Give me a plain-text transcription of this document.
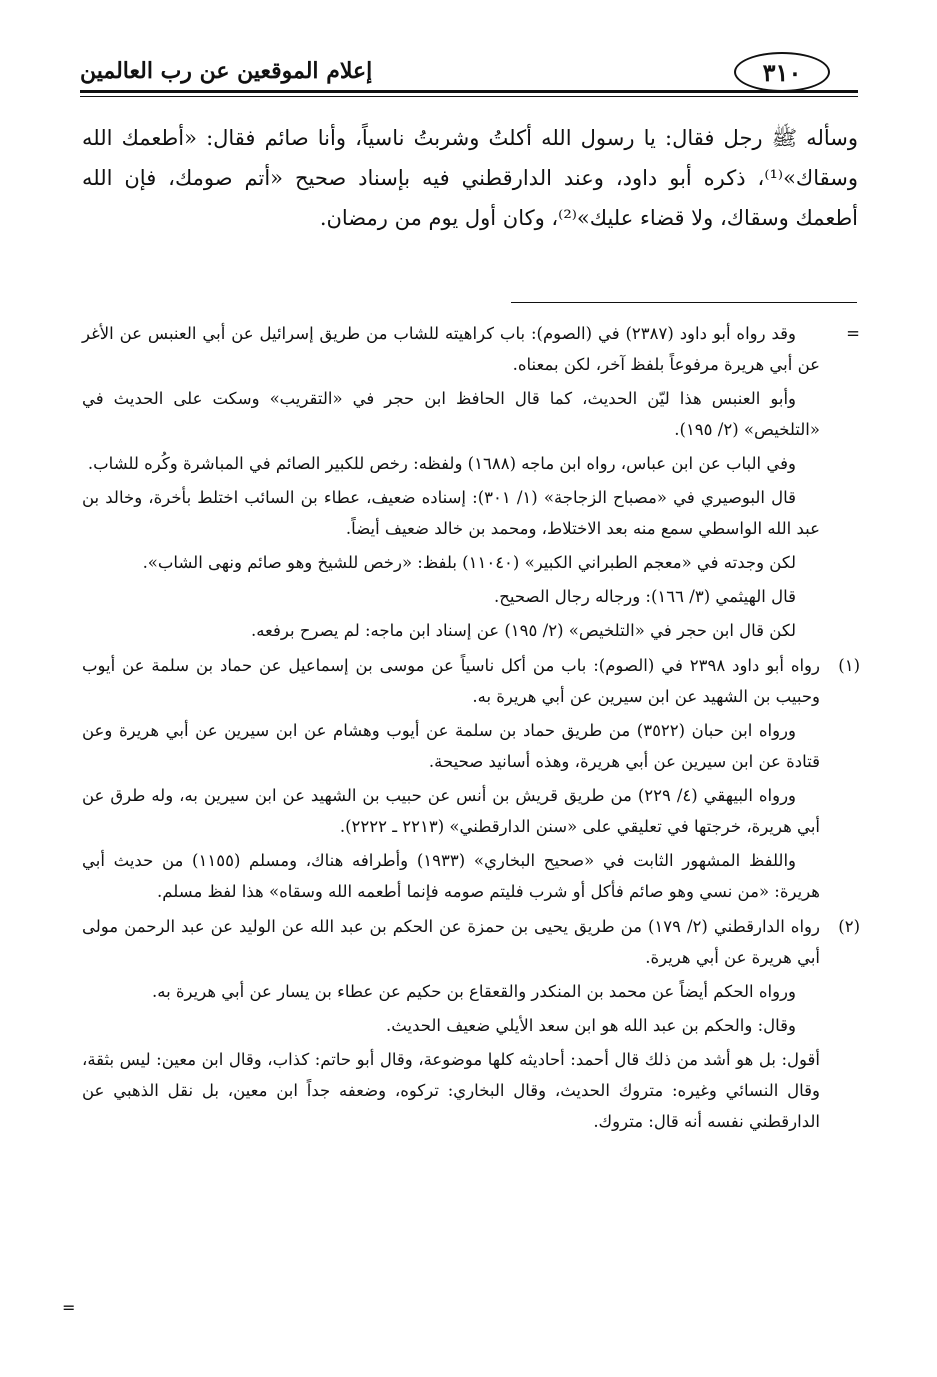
إعلام الموقعين عن رب العالمين	٣١٠
وسأله ﷺ رجل فقال: يا رسول الله أكلتُ وشربتُ ناسياً، وأنا صائم فقال: «أطعمك الله وسقاك»⁽¹⁾، ذكره أبو داود، وعند الدارقطني فيه بإسناد صحيح «أتم صومك، فإن الله أطعمك وسقاك، ولا قضاء عليك»⁽²⁾، وكان أول يوم من رمضان.
=

وقد رواه أبو داود (٢٣٨٧) في (الصوم): باب كراهيته للشاب من طريق إسرائيل عن أبي العنبس عن الأغر عن أبي هريرة مرفوعاً بلفظ آخر، لكن بمعناه.

وأبو العنبس هذا ليّن الحديث، كما قال الحافظ ابن حجر في «التقريب» وسكت على الحديث في «التلخيص» (٢/ ١٩٥).

وفي الباب عن ابن عباس، رواه ابن ماجه (١٦٨٨) ولفظه: رخص للكبير الصائم في المباشرة وكُره للشاب.

قال البوصيري في «مصباح الزجاجة» (١/ ٣٠١): إسناده ضعيف، عطاء بن السائب اختلط بأخرة، وخالد بن عبد الله الواسطي سمع منه بعد الاختلاط، ومحمد بن خالد ضعيف أيضاً.

لكن وجدته في «معجم الطبراني الكبير» (١١٠٤٠) بلفظ: «رخص للشيخ وهو صائم ونهى الشاب».

قال الهيثمي (٣/ ١٦٦): ورجاله رجال الصحيح.

لكن قال ابن حجر في «التلخيص» (٢/ ١٩٥) عن إسناد ابن ماجه: لم يصرح برفعه.

(١)

رواه أبو داود ٢٣٩٨ في (الصوم): باب من أكل ناسياً عن موسى بن إسماعيل عن حماد بن سلمة عن أيوب وحبيب بن الشهيد عن ابن سيرين عن أبي هريرة به.

ورواه ابن حبان (٣٥٢٢) من طريق حماد بن سلمة عن أيوب وهشام عن ابن سيرين عن أبي هريرة وعن قتادة عن ابن سيرين عن أبي هريرة، وهذه أسانيد صحيحة.

ورواه البيهقي (٤/ ٢٢٩) من طريق قريش بن أنس عن حبيب بن الشهيد عن ابن سيرين به، وله طرق عن أبي هريرة، خرجتها في تعليقي على «سنن الدارقطني» (٢٢١٣ ـ ٢٢٢٢).

واللفظ المشهور الثابت في «صحيح البخاري» (١٩٣٣) وأطرافه هناك، ومسلم (١١٥٥) من حديث أبي هريرة: «من نسي وهو صائم فأكل أو شرب فليتم صومه فإنما أطعمه الله وسقاه» هذا لفظ مسلم.

(٢)

رواه الدارقطني (٢/ ١٧٩) من طريق يحيى بن حمزة عن الحكم بن عبد الله عن الوليد عن عبد الرحمن مولى أبي هريرة عن أبي هريرة.

ورواه الحكم أيضاً عن محمد بن المنكدر والقعقاع بن حكيم عن عطاء بن يسار عن أبي هريرة به.

وقال: والحكم بن عبد الله هو ابن سعد الأيلي ضعيف الحديث.

أقول: بل هو أشد من ذلك قال أحمد: أحاديثه كلها موضوعة، وقال أبو حاتم: كذاب، وقال ابن معين: ليس بثقة، وقال النسائي وغيره: متروك الحديث، وقال البخاري: تركوه، وضعفه جداً ابن معين، بل نقل الذهبي عن الدارقطني نفسه أنه قال: متروك.

=
